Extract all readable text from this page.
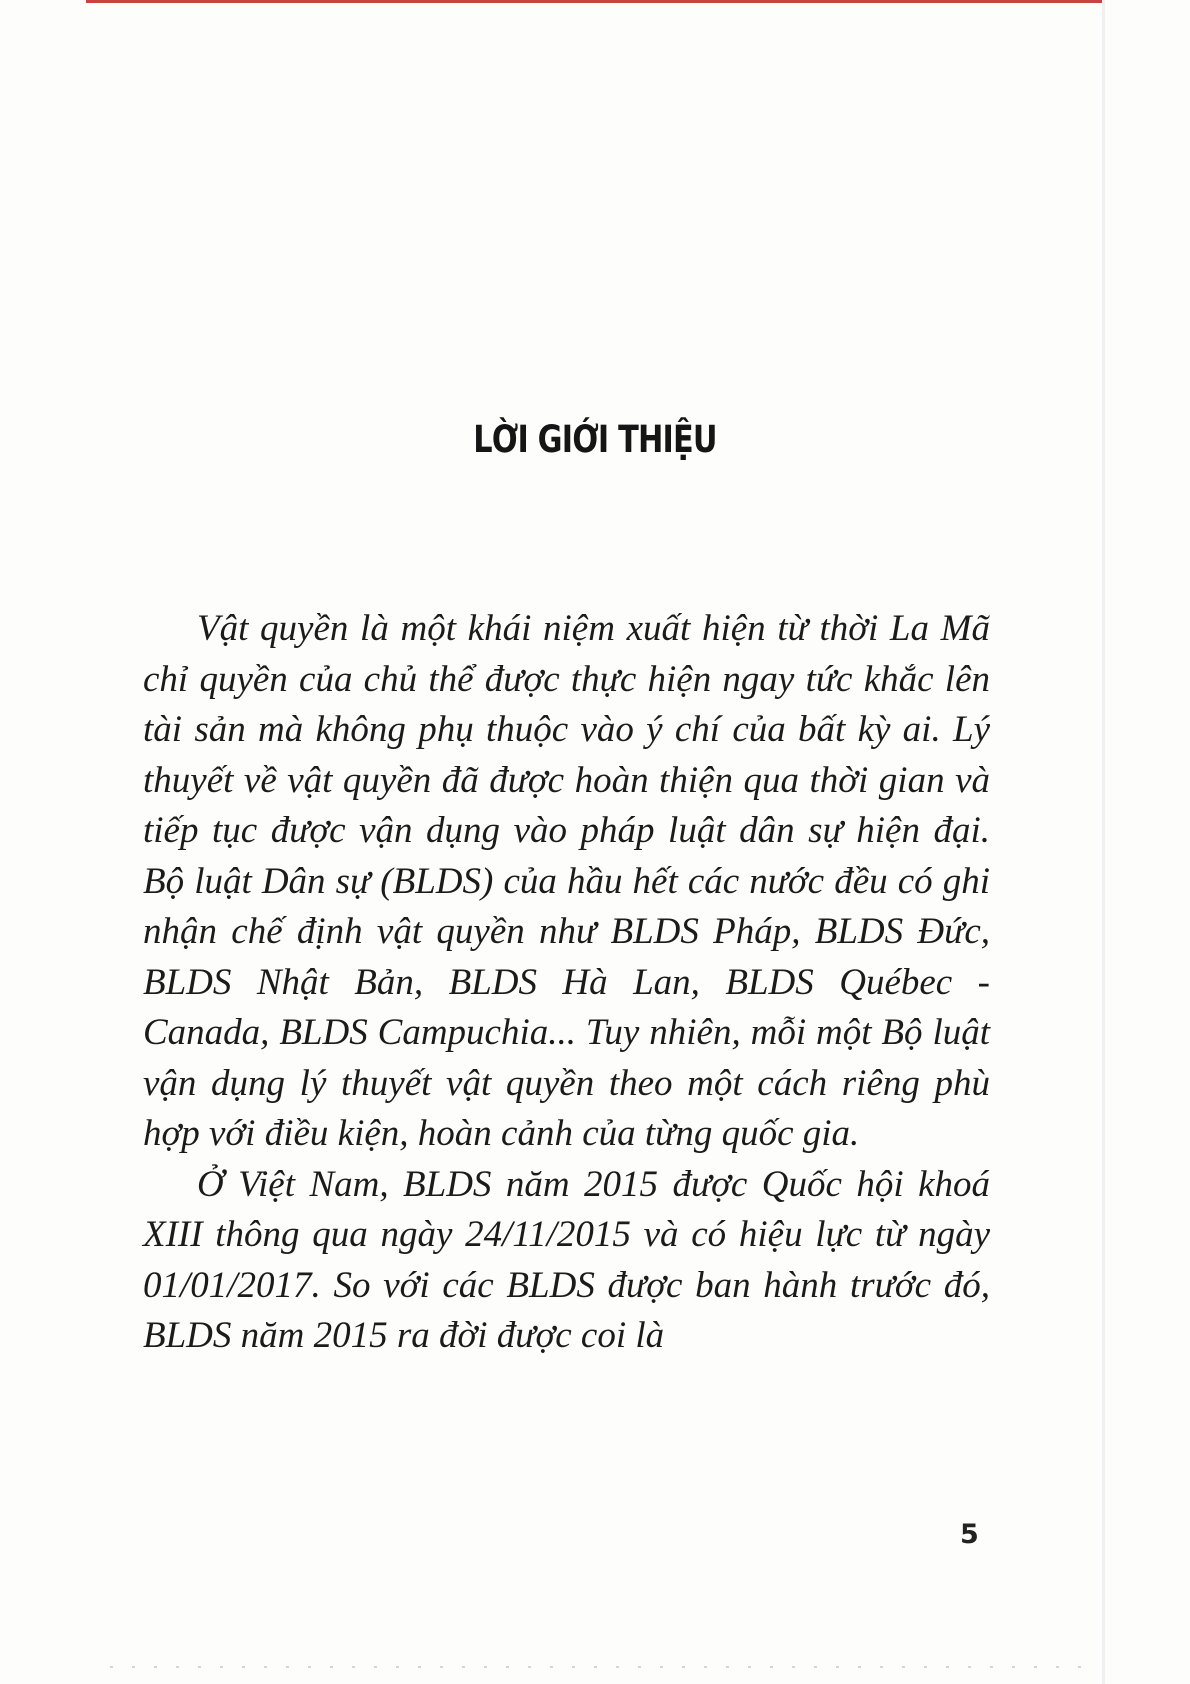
LỜI GIỚI THIỆU

Vật quyền là một khái niệm xuất hiện từ thời La Mã chỉ quyền của chủ thể được thực hiện ngay tức khắc lên tài sản mà không phụ thuộc vào ý chí của bất kỳ ai. Lý thuyết về vật quyền đã được hoàn thiện qua thời gian và tiếp tục được vận dụng vào pháp luật dân sự hiện đại. Bộ luật Dân sự (BLDS) của hầu hết các nước đều có ghi nhận chế định vật quyền như BLDS Pháp, BLDS Đức, BLDS Nhật Bản, BLDS Hà Lan, BLDS Québec - Canada, BLDS Campuchia... Tuy nhiên, mỗi một Bộ luật vận dụng lý thuyết vật quyền theo một cách riêng phù hợp với điều kiện, hoàn cảnh của từng quốc gia.

Ở Việt Nam, BLDS năm 2015 được Quốc hội khoá XIII thông qua ngày 24/11/2015 và có hiệu lực từ ngày 01/01/2017. So với các BLDS được ban hành trước đó, BLDS năm 2015 ra đời được coi là

5
